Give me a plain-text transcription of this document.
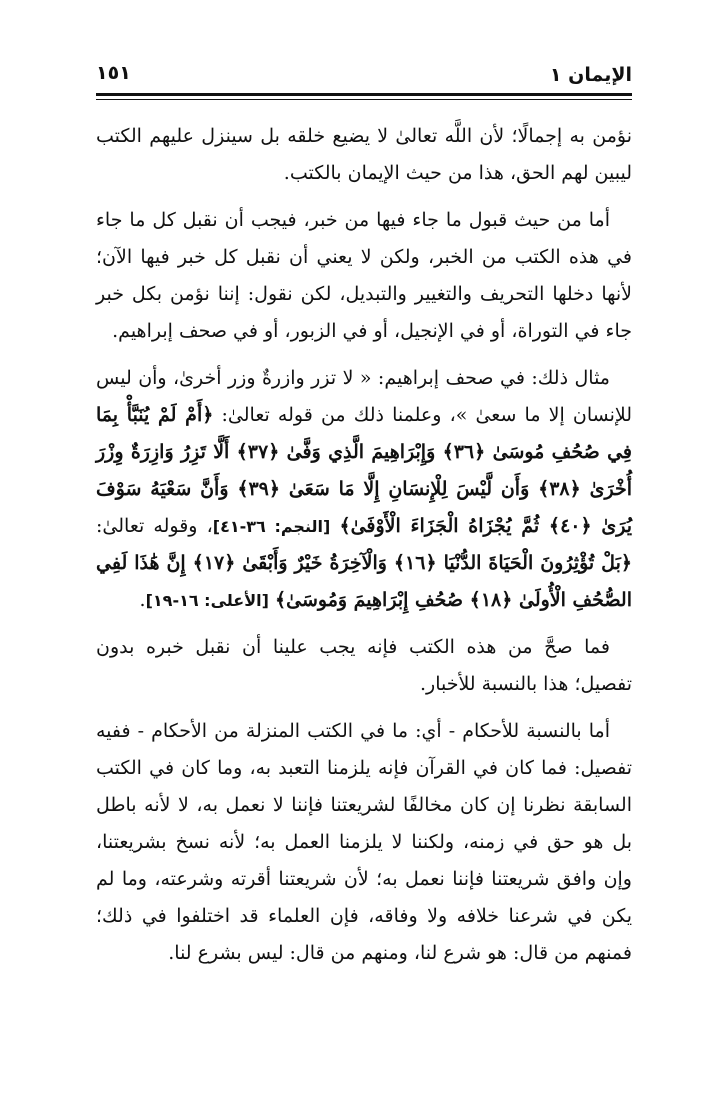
١٥١	الإيمان ١

نؤمن به إجمالًا؛ لأن اللَّه تعالىٰ لا يضيع خلقه بل سينزل عليهم الكتب ليبين لهم الحق، هذا من حيث الإيمان بالكتب.

أما من حيث قبول ما جاء فيها من خبر، فيجب أن نقبل كل ما جاء في هذه الكتب من الخبر، ولكن لا يعني أن نقبل كل خبر فيها الآن؛ لأنها دخلها التحريف والتغيير والتبديل، لكن نقول: إننا نؤمن بكل خبر جاء في التوراة، أو في الإنجيل، أو في الزبور، أو في صحف إبراهيم.

مثال ذلك: في صحف إبراهيم: « لا تزر وازرةٌ وزر أخرىٰ، وأن ليس للإنسان إلا ما سعىٰ »، وعلمنا ذلك من قوله تعالىٰ: ﴿أَمْ لَمْ يُنَبَّأْ بِمَا فِي صُحُفِ مُوسَىٰ ﴿٣٦﴾ وَإِبْرَاهِيمَ الَّذِي وَفَّىٰ ﴿٣٧﴾ أَلَّا تَزِرُ وَازِرَةٌ وِزْرَ أُخْرَىٰ ﴿٣٨﴾ وَأَن لَّيْسَ لِلْإِنسَانِ إِلَّا مَا سَعَىٰ ﴿٣٩﴾ وَأَنَّ سَعْيَهُ سَوْفَ يُرَىٰ ﴿٤٠﴾ ثُمَّ يُجْزَاهُ الْجَزَاءَ الْأَوْفَىٰ﴾ [النجم: ٣٦-٤١]، وقوله تعالىٰ: ﴿بَلْ تُؤْثِرُونَ الْحَيَاةَ الدُّنْيَا ﴿١٦﴾ وَالْآخِرَةُ خَيْرٌ وَأَبْقَىٰ ﴿١٧﴾ إِنَّ هَٰذَا لَفِي الصُّحُفِ الْأُولَىٰ ﴿١٨﴾ صُحُفِ إِبْرَاهِيمَ وَمُوسَىٰ﴾ [الأعلى: ١٦-١٩].

فما صحَّ من هذه الكتب فإنه يجب علينا أن نقبل خبره بدون تفصيل؛ هذا بالنسبة للأخبار.

أما بالنسبة للأحكام - أي: ما في الكتب المنزلة من الأحكام - ففيه تفصيل: فما كان في القرآن فإنه يلزمنا التعبد به، وما كان في الكتب السابقة نظرنا إن كان مخالفًا لشريعتنا فإننا لا نعمل به، لا لأنه باطل بل هو حق في زمنه، ولكننا لا يلزمنا العمل به؛ لأنه نسخ بشريعتنا، وإن وافق شريعتنا فإننا نعمل به؛ لأن شريعتنا أقرته وشرعته، وما لم يكن في شرعنا خلافه ولا وفاقه، فإن العلماء قد اختلفوا في ذلك؛ فمنهم من قال: هو شرع لنا، ومنهم من قال: ليس بشرع لنا.
